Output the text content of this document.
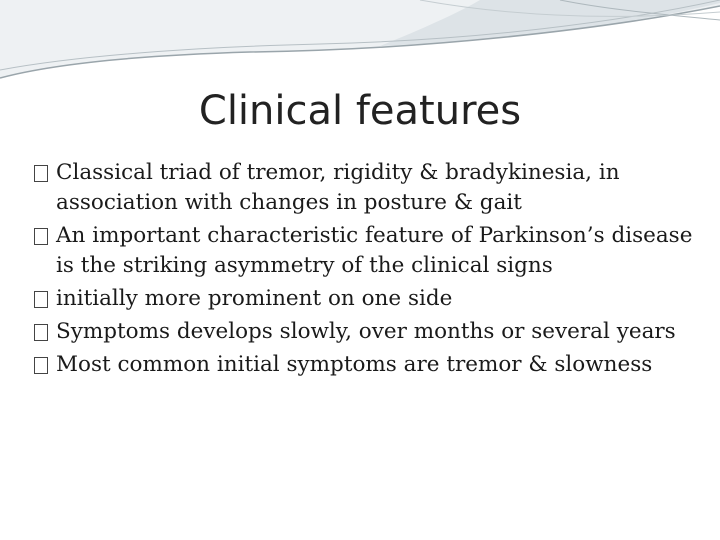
Clinical features
Classical triad of tremor, rigidity & bradykinesia, in association with changes in posture & gait
An important characteristic feature of Parkinson’s disease is the striking asymmetry of the clinical signs
initially more prominent on one side
Symptoms develops slowly, over months or several years
Most common initial symptoms are tremor & slowness
